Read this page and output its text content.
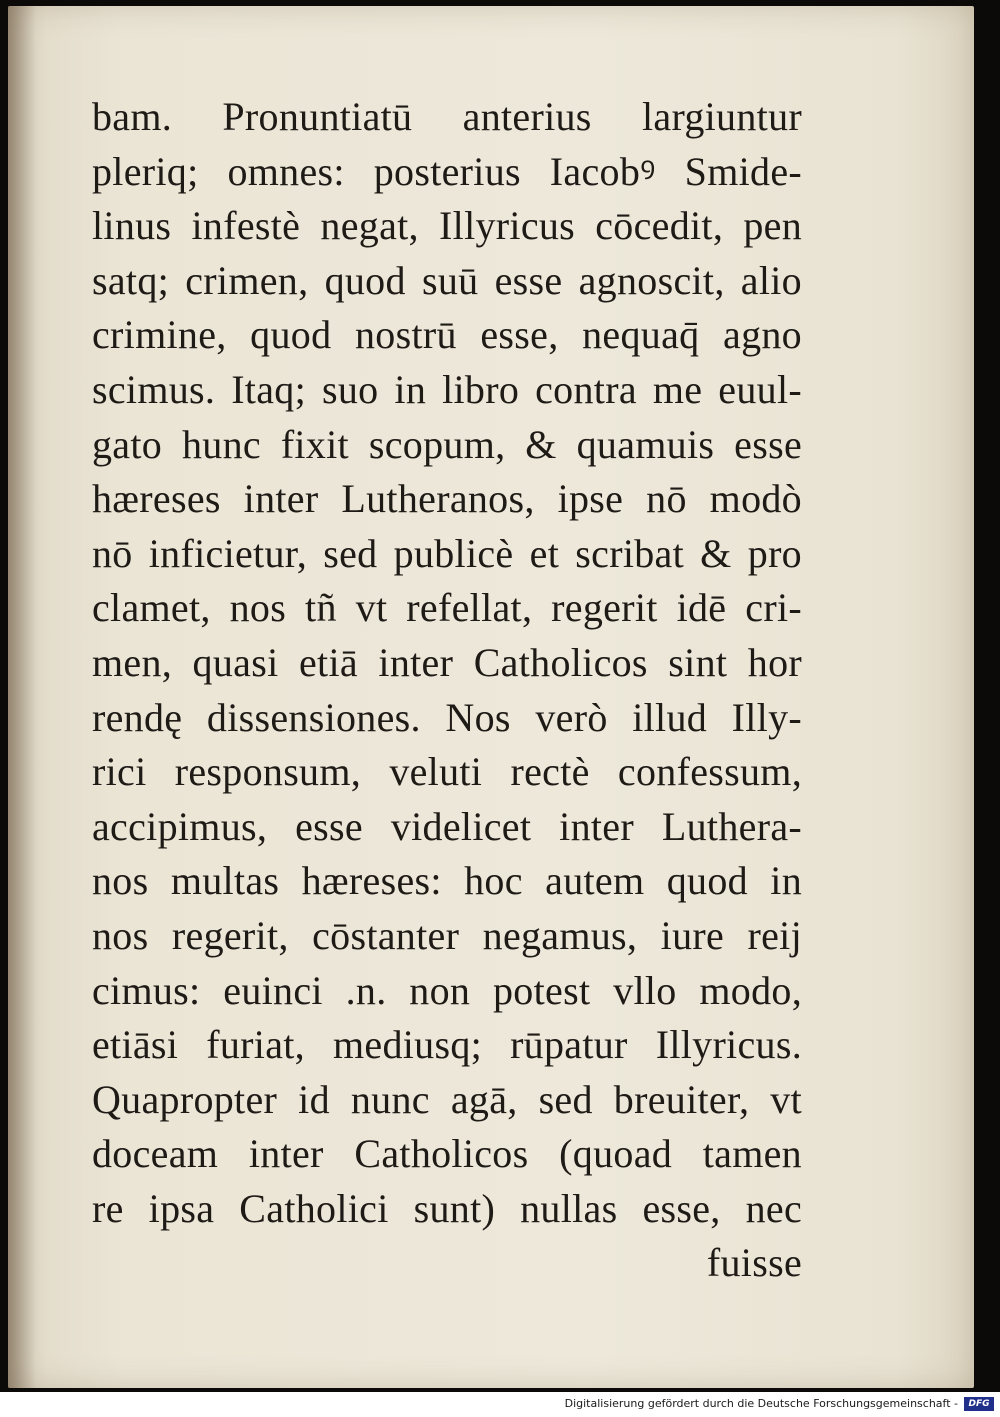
bam. Pronuntiatū anterius largiuntur
pleriq; omnes: posterius Iacobꝰ Smide-
linus infestè negat, Illyricus cōcedit, pen
satq; crimen, quod suū esse agnoscit, alio
crimine, quod nostrū esse, nequaq̄ agno
scimus. Itaq; suo in libro contra me euul-
gato hunc fixit scopum, & quamuis esse
hæreses inter Lutheranos, ipse nō modò
nō inficietur, sed publicè et scribat & pro
clamet, nos tñ vt refellat, regerit idē cri-
men, quasi etiā inter Catholicos sint hor
rendę dissensiones. Nos verò illud Illy-
rici responsum, veluti rectè confessum,
accipimus, esse videlicet inter Luthera-
nos multas hæreses: hoc autem quod in
nos regerit, cōstanter negamus, iure reij
cimus: euinci .n. non potest vllo modo,
etiāsi furiat, mediusq; rūpatur Illyricus.
Quapropter id nunc agā, sed breuiter, vt
doceam inter Catholicos (quoad tamen
re ipsa Catholici sunt) nullas esse, nec
fuisse
Digitalisierung gefördert durch die Deutsche Forschungsgemeinschaft -	DFG
